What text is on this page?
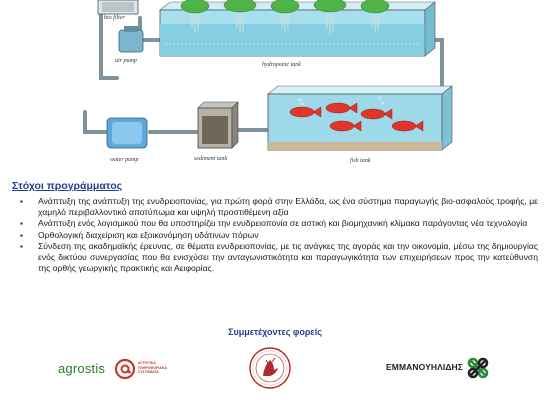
bio filter
air pump
hydroponic tank
water pump	sediment tank	fish tank
Στόχοι προγράμματος
▪ Ανάπτυξη της ανάπτυξη της ενυδρειοπονίας, για πρώτη φορά στην Ελλάδα, ως ένα σύστημα παραγωγής βιο-ασφαλούς τροφής, με χαμηλό περιβαλλοντικό αποτύπωμα και υψηλή προστιθέμενη αξία
▪ Ανάπτυξη ενός λογισμικού που θα υποστηρίζει την ενυδρειοπονία σε αστική και βιομηχανική κλίμακα παράγοντας νέα τεχνολογία
▪ Ορθολογική διαχείριση και εξοικονόμηση υδάτινων πόρων
▪ Σύνδεση της ακαδημαϊκής έρευνας, σε θέματα ενυδρειοπονίας, με τις ανάγκες της αγοράς και την οικονομία, μέσω της δημιουργίας ενός δικτύου συνεργασίας που θα ενισχύσει την ανταγωνιστικότητα και παραγωγικότητα των επιχειρήσεων προς την κατεύθυνση της ορθής γεωργικής πρακτικής και Αειφορίας.
Συμμετέχοντες φορείς
agrostis	ΑΓΡΟΤΙΚΑ ΠΛΗΡΟΦΟΡΙΑΚΑ ΣΥΣΤΗΜΑΤΑ	ΕΜΜΑΝΟΥΗΛΙΔΗΣ
